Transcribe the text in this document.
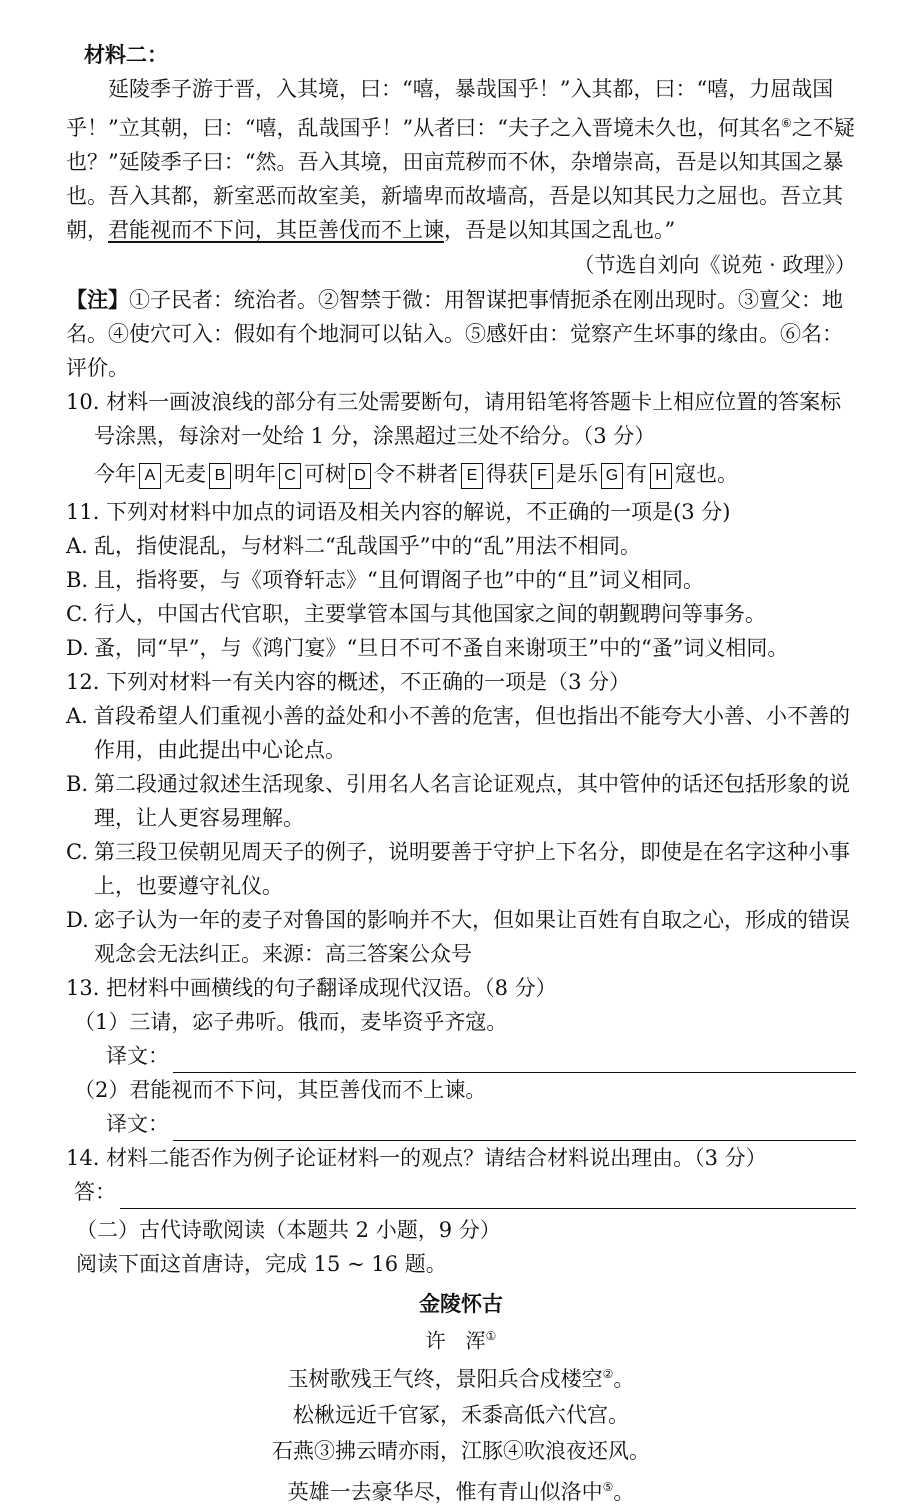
材料二：

延陵季子游于晋，入其境，曰：“嘻，暴哉国乎！”入其都，曰：“嘻，力屈哉国乎！”立其朝，曰：“嘻，乱哉国乎！”从者曰：“夫子之入晋境未久也，何其名⑥之不疑也？”延陵季子曰：“然。吾入其境，田亩荒秽而不休，杂增崇高，吾是以知其国之暴也。吾入其都，新室恶而故室美，新墙卑而故墙高，吾是以知其民力之屈也。吾立其朝，君能视而不下问，其臣善伐而不上谏，吾是以知其国之乱也。”

（节选自刘向《说苑 · 政理》）

【注】①子民者：统治者。②智禁于微：用智谋把事情扼杀在刚出现时。③亶父：地名。④使穴可入：假如有个地洞可以钻入。⑤感奸由：觉察产生坏事的缘由。⑥名：评价。

10. 材料一画波浪线的部分有三处需要断句，请用铅笔将答题卡上相应位置的答案标号涂黑，每涂对一处给 1 分，涂黑超过三处不给分。（3 分）

今年 A 无麦 B 明年 C 可树 D 令不耕者 E 得获 F 是乐 G 有 H 寇也。

11. 下列对材料中加点的词语及相关内容的解说，不正确的一项是(3 分)

A. 乱，指使混乱，与材料二“乱哉国乎”中的“乱”用法不相同。

B. 且，指将要，与《项脊轩志》“且何谓阁子也”中的“且”词义相同。

C. 行人，中国古代官职，主要掌管本国与其他国家之间的朝觐聘问等事务。

D. 蚤，同“早”，与《鸿门宴》“旦日不可不蚤自来谢项王”中的“蚤”词义相同。

12. 下列对材料一有关内容的概述，不正确的一项是（3 分）

A. 首段希望人们重视小善的益处和小不善的危害，但也指出不能夸大小善、小不善的作用，由此提出中心论点。

B. 第二段通过叙述生活现象、引用名人名言论证观点，其中管仲的话还包括形象的说理，让人更容易理解。

C. 第三段卫侯朝见周天子的例子，说明要善于守护上下名分，即使是在名字这种小事上，也要遵守礼仪。

D. 宓子认为一年的麦子对鲁国的影响并不大，但如果让百姓有自取之心，形成的错误观念会无法纠正。来源：高三答案公众号

13. 把材料中画横线的句子翻译成现代汉语。（8 分）

（1）三请，宓子弗听。俄而，麦毕资乎齐寇。

译文：

（2）君能视而不下问，其臣善伐而不上谏。

译文：

14. 材料二能否作为例子论证材料一的观点？请结合材料说出理由。（3 分）

答：

（二）古代诗歌阅读（本题共 2 小题，9 分）

阅读下面这首唐诗，完成 15 ~ 16 题。

金陵怀古

许　浑①

玉树歌残王气终，景阳兵合戍楼空②。

松楸远近千官冢，禾黍高低六代宫。

石燕③拂云晴亦雨，江豚④吹浪夜还风。

英雄一去豪华尽，惟有青山似洛中⑤。
